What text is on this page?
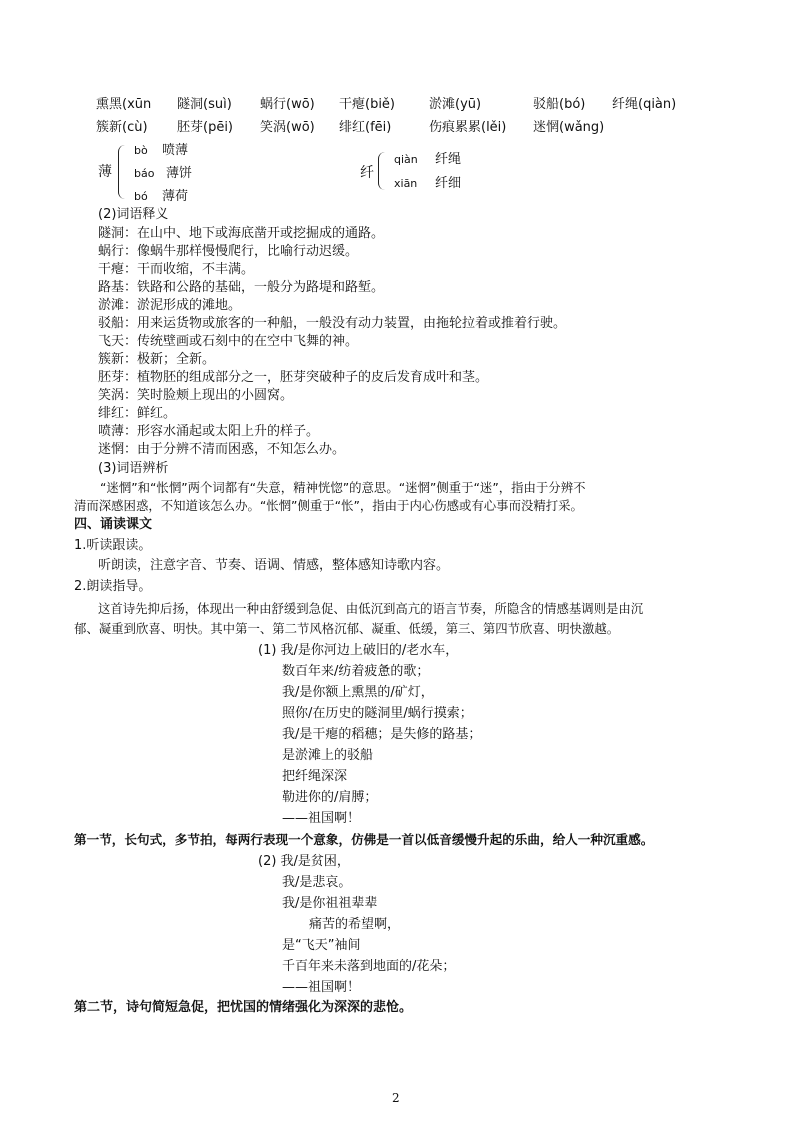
熏黑(xūn 隧洞(suì) 蜗行(wō) 干瘪(biě)	淤滩(yū)	驳船(bó) 纤绳(qiàn)
簇新(cù) 胚芽(pēi) 笑涡(wō) 绯红(fēi)	伤痕累累(lěi) 迷惘(wǎng)
薄
bò 喷薄
báo 薄饼
bó 薄荷
纤
qiàn 纤绳
xiān 纤细
(2)词语释义
隧洞：在山中、地下或海底凿开或挖掘成的通路。
蜗行：像蜗牛那样慢慢爬行，比喻行动迟缓。
干瘪：干而收缩，不丰满。
路基：铁路和公路的基础，一般分为路堤和路堑。
淤滩：淤泥形成的滩地。
驳船：用来运货物或旅客的一种船，一般没有动力装置，由拖轮拉着或推着行驶。
飞天：传统壁画或石刻中的在空中飞舞的神。
簇新：极新；全新。
胚芽：植物胚的组成部分之一，胚芽突破种子的皮后发育成叶和茎。
笑涡：笑时脸颊上现出的小圆窝。
绯红：鲜红。
喷薄：形容水涌起或太阳上升的样子。
迷惘：由于分辨不清而困惑，不知怎么办。
(3)词语辨析
“迷惘”和“怅惘”两个词都有“失意，精神恍惚”的意思。“迷惘”侧重于“迷”，指由于分辨不
清而深感困惑，不知道该怎么办。“怅惘”侧重于“怅”，指由于内心伤感或有心事而没精打采。
四、诵读课文
1.听读跟读。
听朗读，注意字音、节奏、语调、情感，整体感知诗歌内容。
2.朗读指导。
这首诗先抑后扬，体现出一种由舒缓到急促、由低沉到高亢的语言节奏，所隐含的情感基调则是由沉
郁、凝重到欣喜、明快。其中第一、第二节风格沉郁、凝重、低缓，第三、第四节欣喜、明快激越。
(1) 我/是你河边上破旧的/老水车，
数百年来/纺着疲惫的歌；
我/是你额上熏黑的/矿灯，
照你/在历史的隧洞里/蜗行摸索；
我/是干瘪的稻穗；是失修的路基；
是淤滩上的驳船
把纤绳深深
勒进你的/肩膊；
——祖国啊！
第一节，长句式，多节拍，每两行表现一个意象，仿佛是一首以低音缓慢升起的乐曲，给人一种沉重感。
(2) 我/是贫困，
我/是悲哀。
我/是你祖祖辈辈
痛苦的希望啊，
是“飞天”袖间
千百年来未落到地面的/花朵；
——祖国啊！
第二节，诗句简短急促，把忧国的情绪强化为深深的悲怆。
2
